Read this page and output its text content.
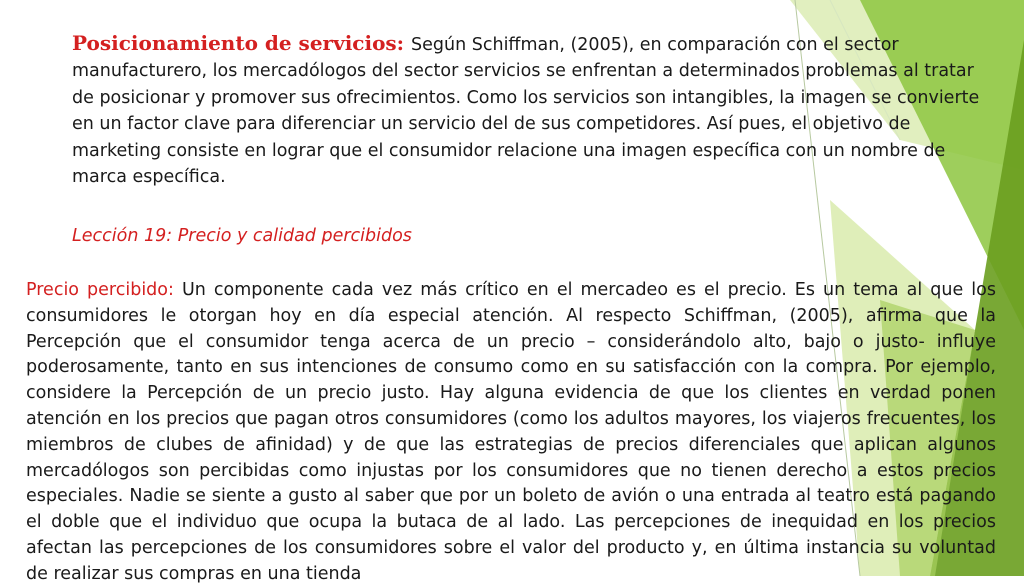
Posicionamiento de servicios: Según Schiffman, (2005), en comparación con el sector manufacturero, los mercadólogos del sector servicios se enfrentan a determinados problemas al tratar de posicionar y promover sus ofrecimientos. Como los servicios son intangibles, la imagen se convierte en un factor clave para diferenciar un servicio del de sus competidores. Así pues, el objetivo de marketing consiste en lograr que el consumidor relacione una imagen específica con un nombre de marca específica.
Lección 19: Precio y calidad percibidos
Precio percibido: Un componente cada vez más crítico en el mercadeo es el precio. Es un tema al que los consumidores le otorgan hoy en día especial atención. Al respecto Schiffman, (2005), afirma que la Percepción que el consumidor tenga acerca de un precio – considerándolo alto, bajo o justo- influye poderosamente, tanto en sus intenciones de consumo como en su satisfacción con la compra. Por ejemplo, considere la Percepción de un precio justo. Hay alguna evidencia de que los clientes en verdad ponen atención en los precios que pagan otros consumidores (como los adultos mayores, los viajeros frecuentes, los miembros de clubes de afinidad) y de que las estrategias de precios diferenciales que aplican algunos mercadólogos son percibidas como injustas por los consumidores que no tienen derecho a estos precios especiales. Nadie se siente a gusto al saber que por un boleto de avión o una entrada al teatro está pagando el doble que el individuo que ocupa la butaca de al lado. Las percepciones de inequidad en los precios afectan las percepciones de los consumidores sobre el valor del producto y, en última instancia su voluntad de realizar sus compras en una tienda
